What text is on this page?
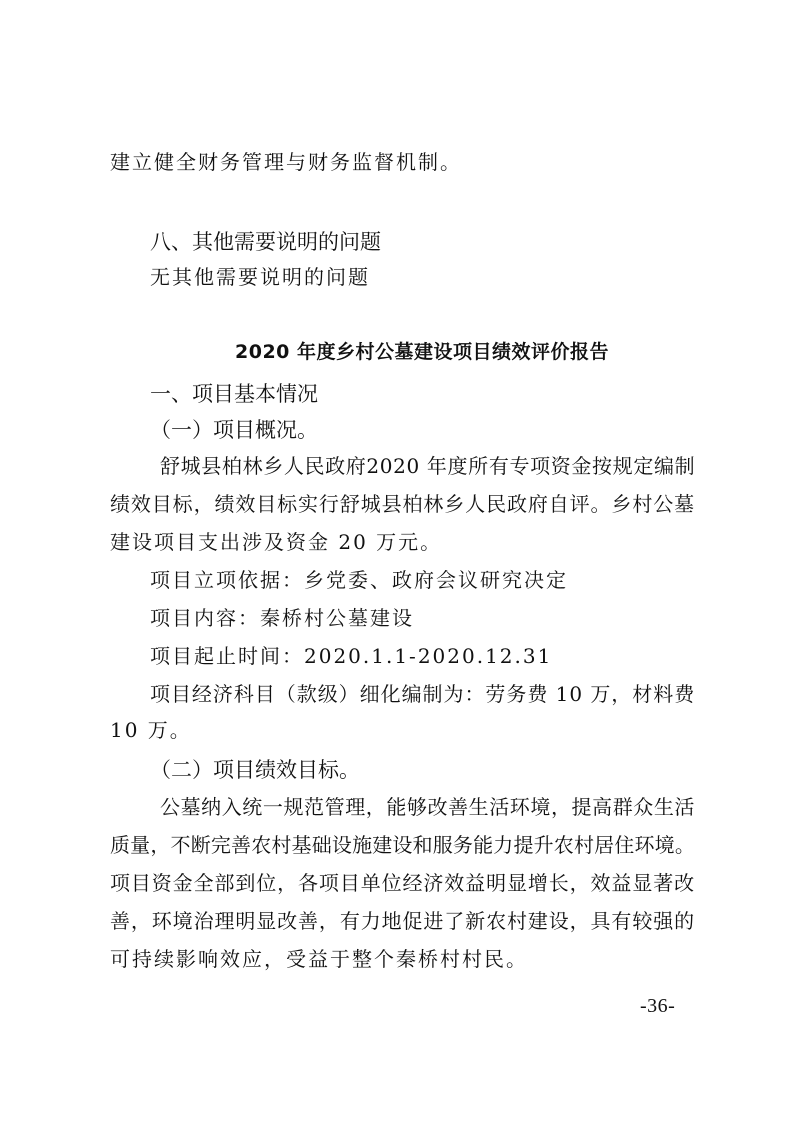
建立健全财务管理与财务监督机制。
八、其他需要说明的问题
无其他需要说明的问题
2020 年度乡村公墓建设项目绩效评价报告
一、项目基本情况
（一）项目概况。
舒城县柏林乡人民政府2020 年度所有专项资金按规定编制
绩效目标，绩效目标实行舒城县柏林乡人民政府自评。乡村公墓
建设项目支出涉及资金 20 万元。
项目立项依据：乡党委、政府会议研究决定
项目内容：秦桥村公墓建设
项目起止时间：2020.1.1-2020.12.31
项目经济科目（款级）细化编制为：劳务费 10 万，材料费
10 万。
（二）项目绩效目标。
公墓纳入统一规范管理，能够改善生活环境，提高群众生活
质量，不断完善农村基础设施建设和服务能力提升农村居住环境。
项目资金全部到位，各项目单位经济效益明显增长，效益显著改
善，环境治理明显改善，有力地促进了新农村建设，具有较强的
可持续影响效应，受益于整个秦桥村村民。
-36-
